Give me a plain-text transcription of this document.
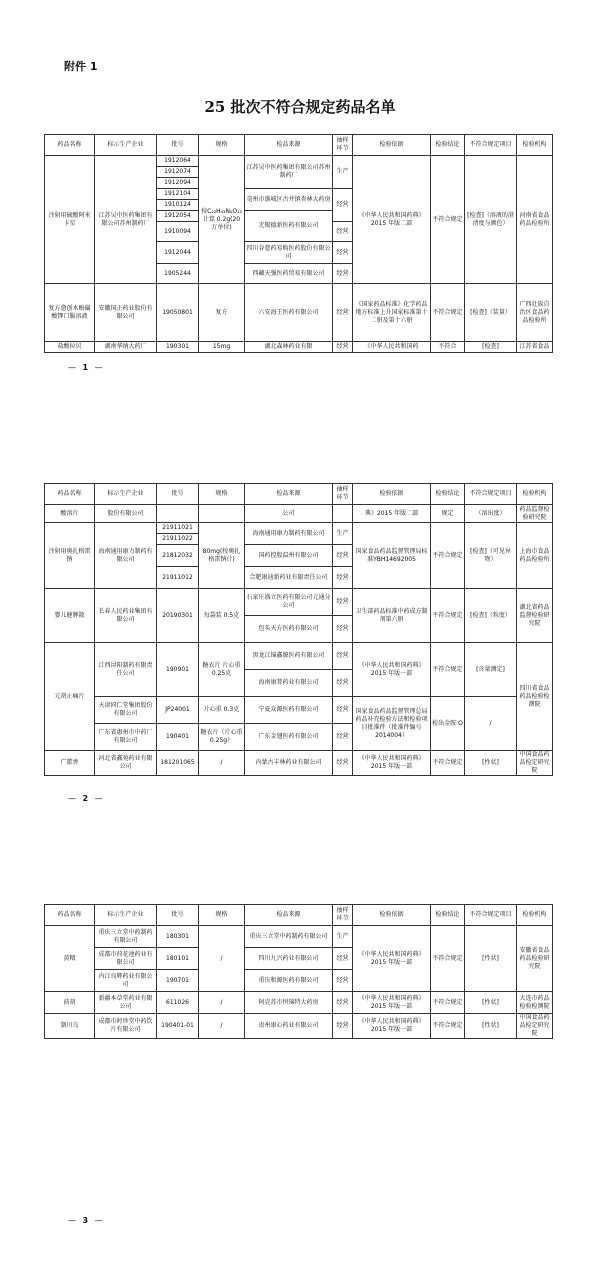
附件 1
25 批次不符合规定药品名单
药品名称	标示生产企业	批号	规格	检品来源	抽样环节	检验依据	检验结论	不符合规定项目	检验机构
注射用硫酸阿米卡星	江苏吴中医药集团有限公司苏州制药厂	1912064	按C₂₂H₄₃N₅O₁₃计算 0.2g(20万单位)	江苏吴中医药集团有限公司苏州制药厂	生产	《中华人民共和国药典》2015 年版二部	不符合规定	[检查]（溶液的澄清度与颜色）	河南省食品药品检验所
		1912074							
		1912094							
		1912104		亳州市谯城区古井镇杏林大药房	经营				
		1910124							
		1912054		无锡德新医药有限公司					
		1910094			经营				
		1912044		四川谷慈药易购医药股份有限公司	经营				
		1905244		西藏天强医药贸易有限公司	经营				
复方愈创木酚磺酸钾口服溶液	安徽国正药业股份有限公司	19050801	复方	六安海王医药有限公司	经营	《国家药品标准》化学药品地方标准上升国家标准第十二册及第十六册	不符合规定	[检查]（装量）	广西壮族自治区食品药品检验所
盐酸拉贝	湖南华纳大药厂	190301	15mg	湖北森林药业有限	经营	《中华人民共和国药	不符合	[检查]	江苏省食品
— 1 —
药品名称	标示生产企业	批号	规格	检品来源	抽样环节	检验依据	检验结论	不符合规定项目	检验机构
酸溶片	股份有限公司			公司		典》2015 年版二部	规定	（溶出度）	药品监督检验研究院
注射用奥扎格雷钠	海南通用康力制药有限公司	21911021	80mg(按奥扎格雷钠计)	海南通用康力制药有限公司	生产	国家食品药品监督管理局标准YBH14692005	不符合规定	[检查]（可见异物）	上海市食品药品检验所
		21911022							
		21812032		国药控股温州有限公司	经营				
		21911012		合肥康迪新药业有限责任公司	经营				
婴儿健脾散	长春人民药业集团有限公司	20190301	每袋装 0.5克	石家庄盛立医药有限公司元通分公司	经营	卫生部药品标准中药成方制剂第六册	不符合规定	[检查]（粒度）	湖北省药品监督检验研究院
				包头天方医药有限公司	经营				
元胡止痛片	江西浔阳制药有限责任公司	190901	糖衣片 片心重 0.25克	黑龙江锦鑫源医药有限公司	经营	《中华人民共和国药典》2015 年版一部	不符合规定	[含量测定]	四川省食品药品检验检测院
				海南康普药业有限公司	经营				
	天津同仁堂集团股份有限公司	JP24001	片心重 0.3克	宁夏众源医药有限公司	经营	国家食品药品监督管理总局药品补充检验方法和检验项目批准件（批准件编号2014004）	检出金胺 O	/	
	广东省惠州市中药厂有限公司	190401	糖衣片（片心重 0.25g）	广东金翅医药有限公司	经营				
广藿香	河北省鑫苑药业有限公司	181201065	/	内蒙古丰林药业有限公司	经营	《中华人民共和国药典》2015 年版一部	不符合规定	[性状]	中国食品药品检定研究院
— 2 —
药品名称	标示生产企业	批号	规格	检品来源	抽样环节	检验依据	检验结论	不符合规定项目	检验机构
黄精	重庆三立堂中药制药有限公司	180301	/	重庆三立堂中药制药有限公司	生产	《中华人民共和国药典》2015 年版一部	不符合规定	[性状]	安徽省食品药品检验研究院
	成都市荷花池药业有限公司	180101		四川九兴药业有限公司	经营				
	内江良辉药业有限公司	190701		重庆和源医药有限公司	经营				
前胡	新疆本草堂药业有限公司	611026	/	阿克苏市恒锦特大药房	经营	《中华人民共和国药典》2015 年版一部	不符合规定	[性状]	大连市药品检验检测院
制川乌	成都市时珍堂中药饮片有限公司	190401-01	/	贵州康心药业有限公司	经营	《中华人民共和国药典》2015 年版一部	不符合规定	[性状]	中国食品药品检定研究院
— 3 —
